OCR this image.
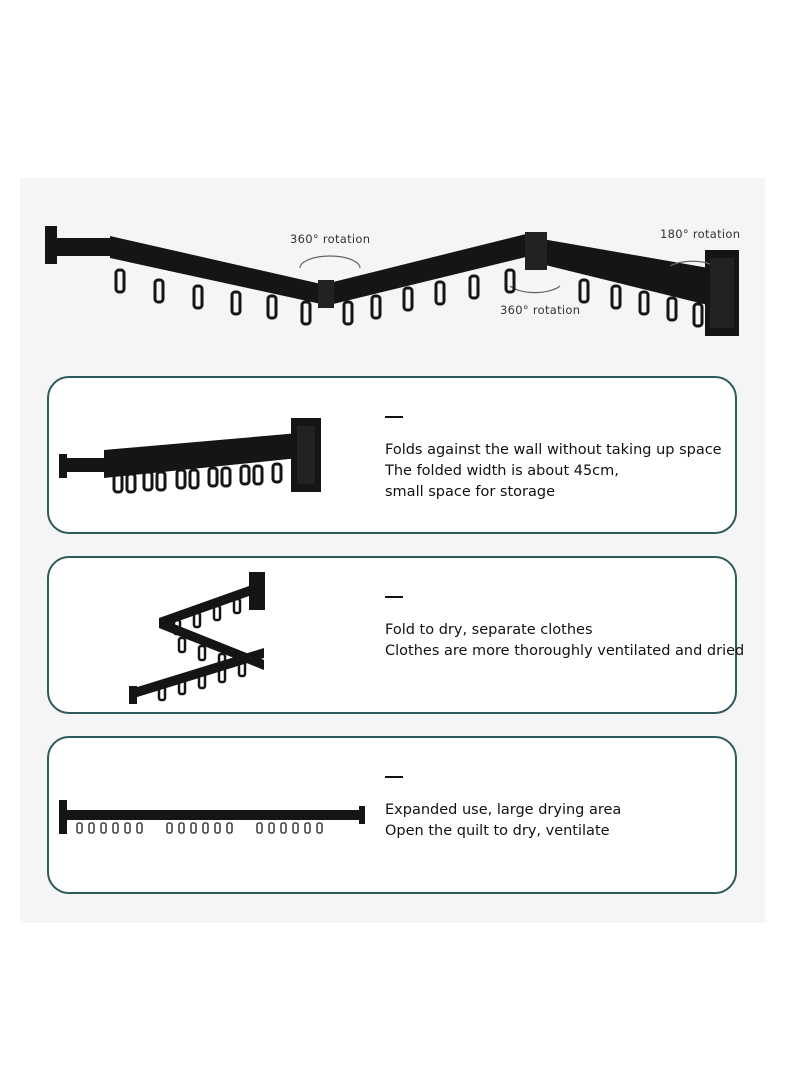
360° rotation	180° rotation
360° rotation
Folds against the wall without taking up space
The folded width is about 45cm,
small space for storage
Fold to dry, separate clothes
Clothes are more thoroughly ventilated and dried
Expanded use, large drying area
Open the quilt to dry, ventilate
